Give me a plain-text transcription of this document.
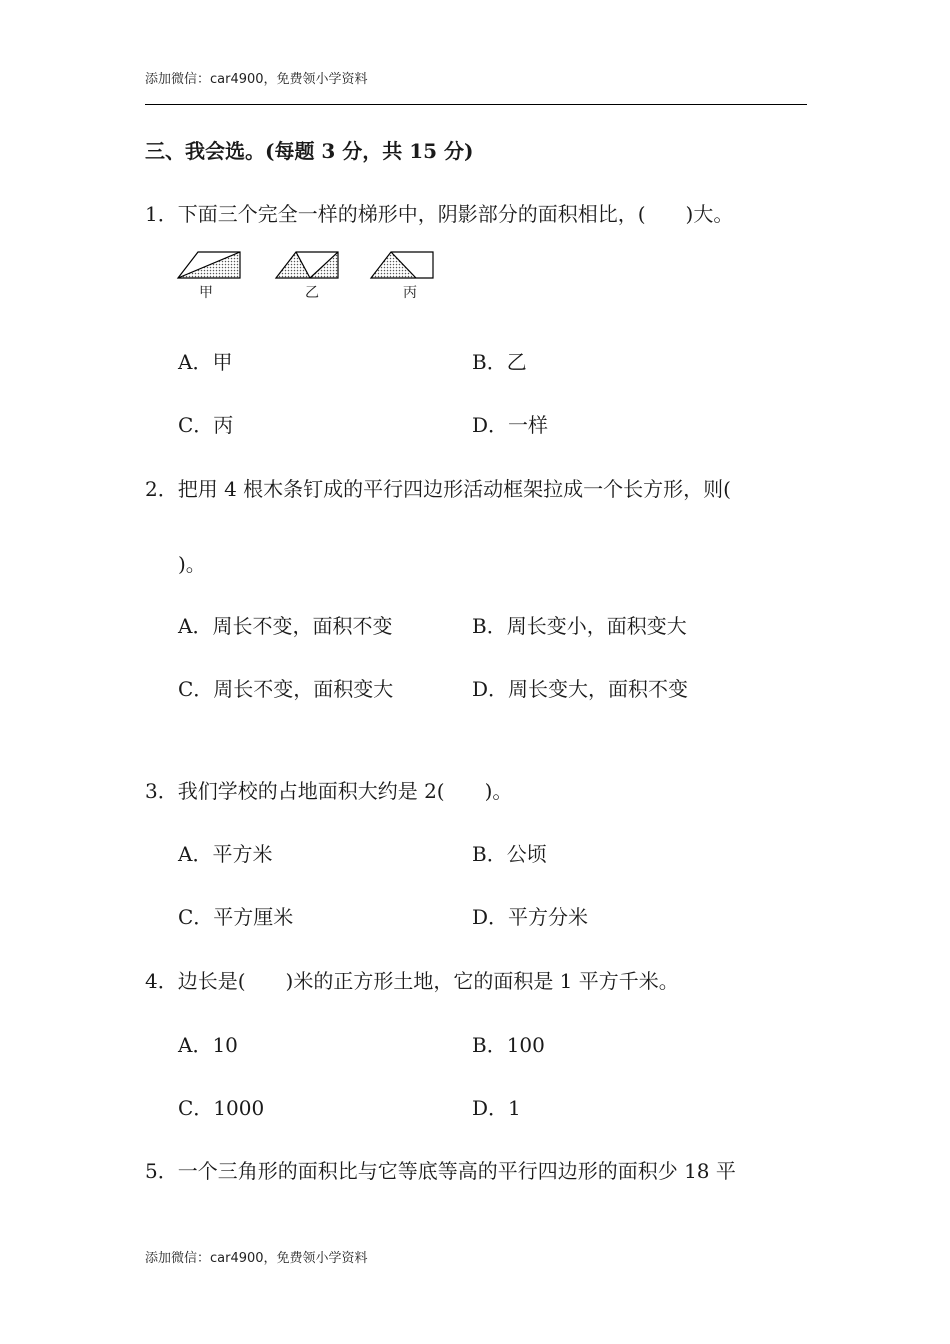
添加微信：car4900，免费领小学资料
三、我会选。(每题 3 分，共 15 分)
1．下面三个完全一样的梯形中，阴影部分的面积相比，(　　)大。
甲	乙	丙
A．甲	B．乙
C．丙	D．一样
2．把用 4 根木条钉成的平行四边形活动框架拉成一个长方形，则(
)。
A．周长不变，面积不变	B．周长变小，面积变大
C．周长不变，面积变大	D．周长变大，面积不变
3．我们学校的占地面积大约是 2(　　)。
A．平方米	B．公顷
C．平方厘米	D．平方分米
4．边长是(　　)米的正方形土地，它的面积是 1 平方千米。
A．10	B．100
C．1000	D．1
5．一个三角形的面积比与它等底等高的平行四边形的面积少 18 平
添加微信：car4900，免费领小学资料
